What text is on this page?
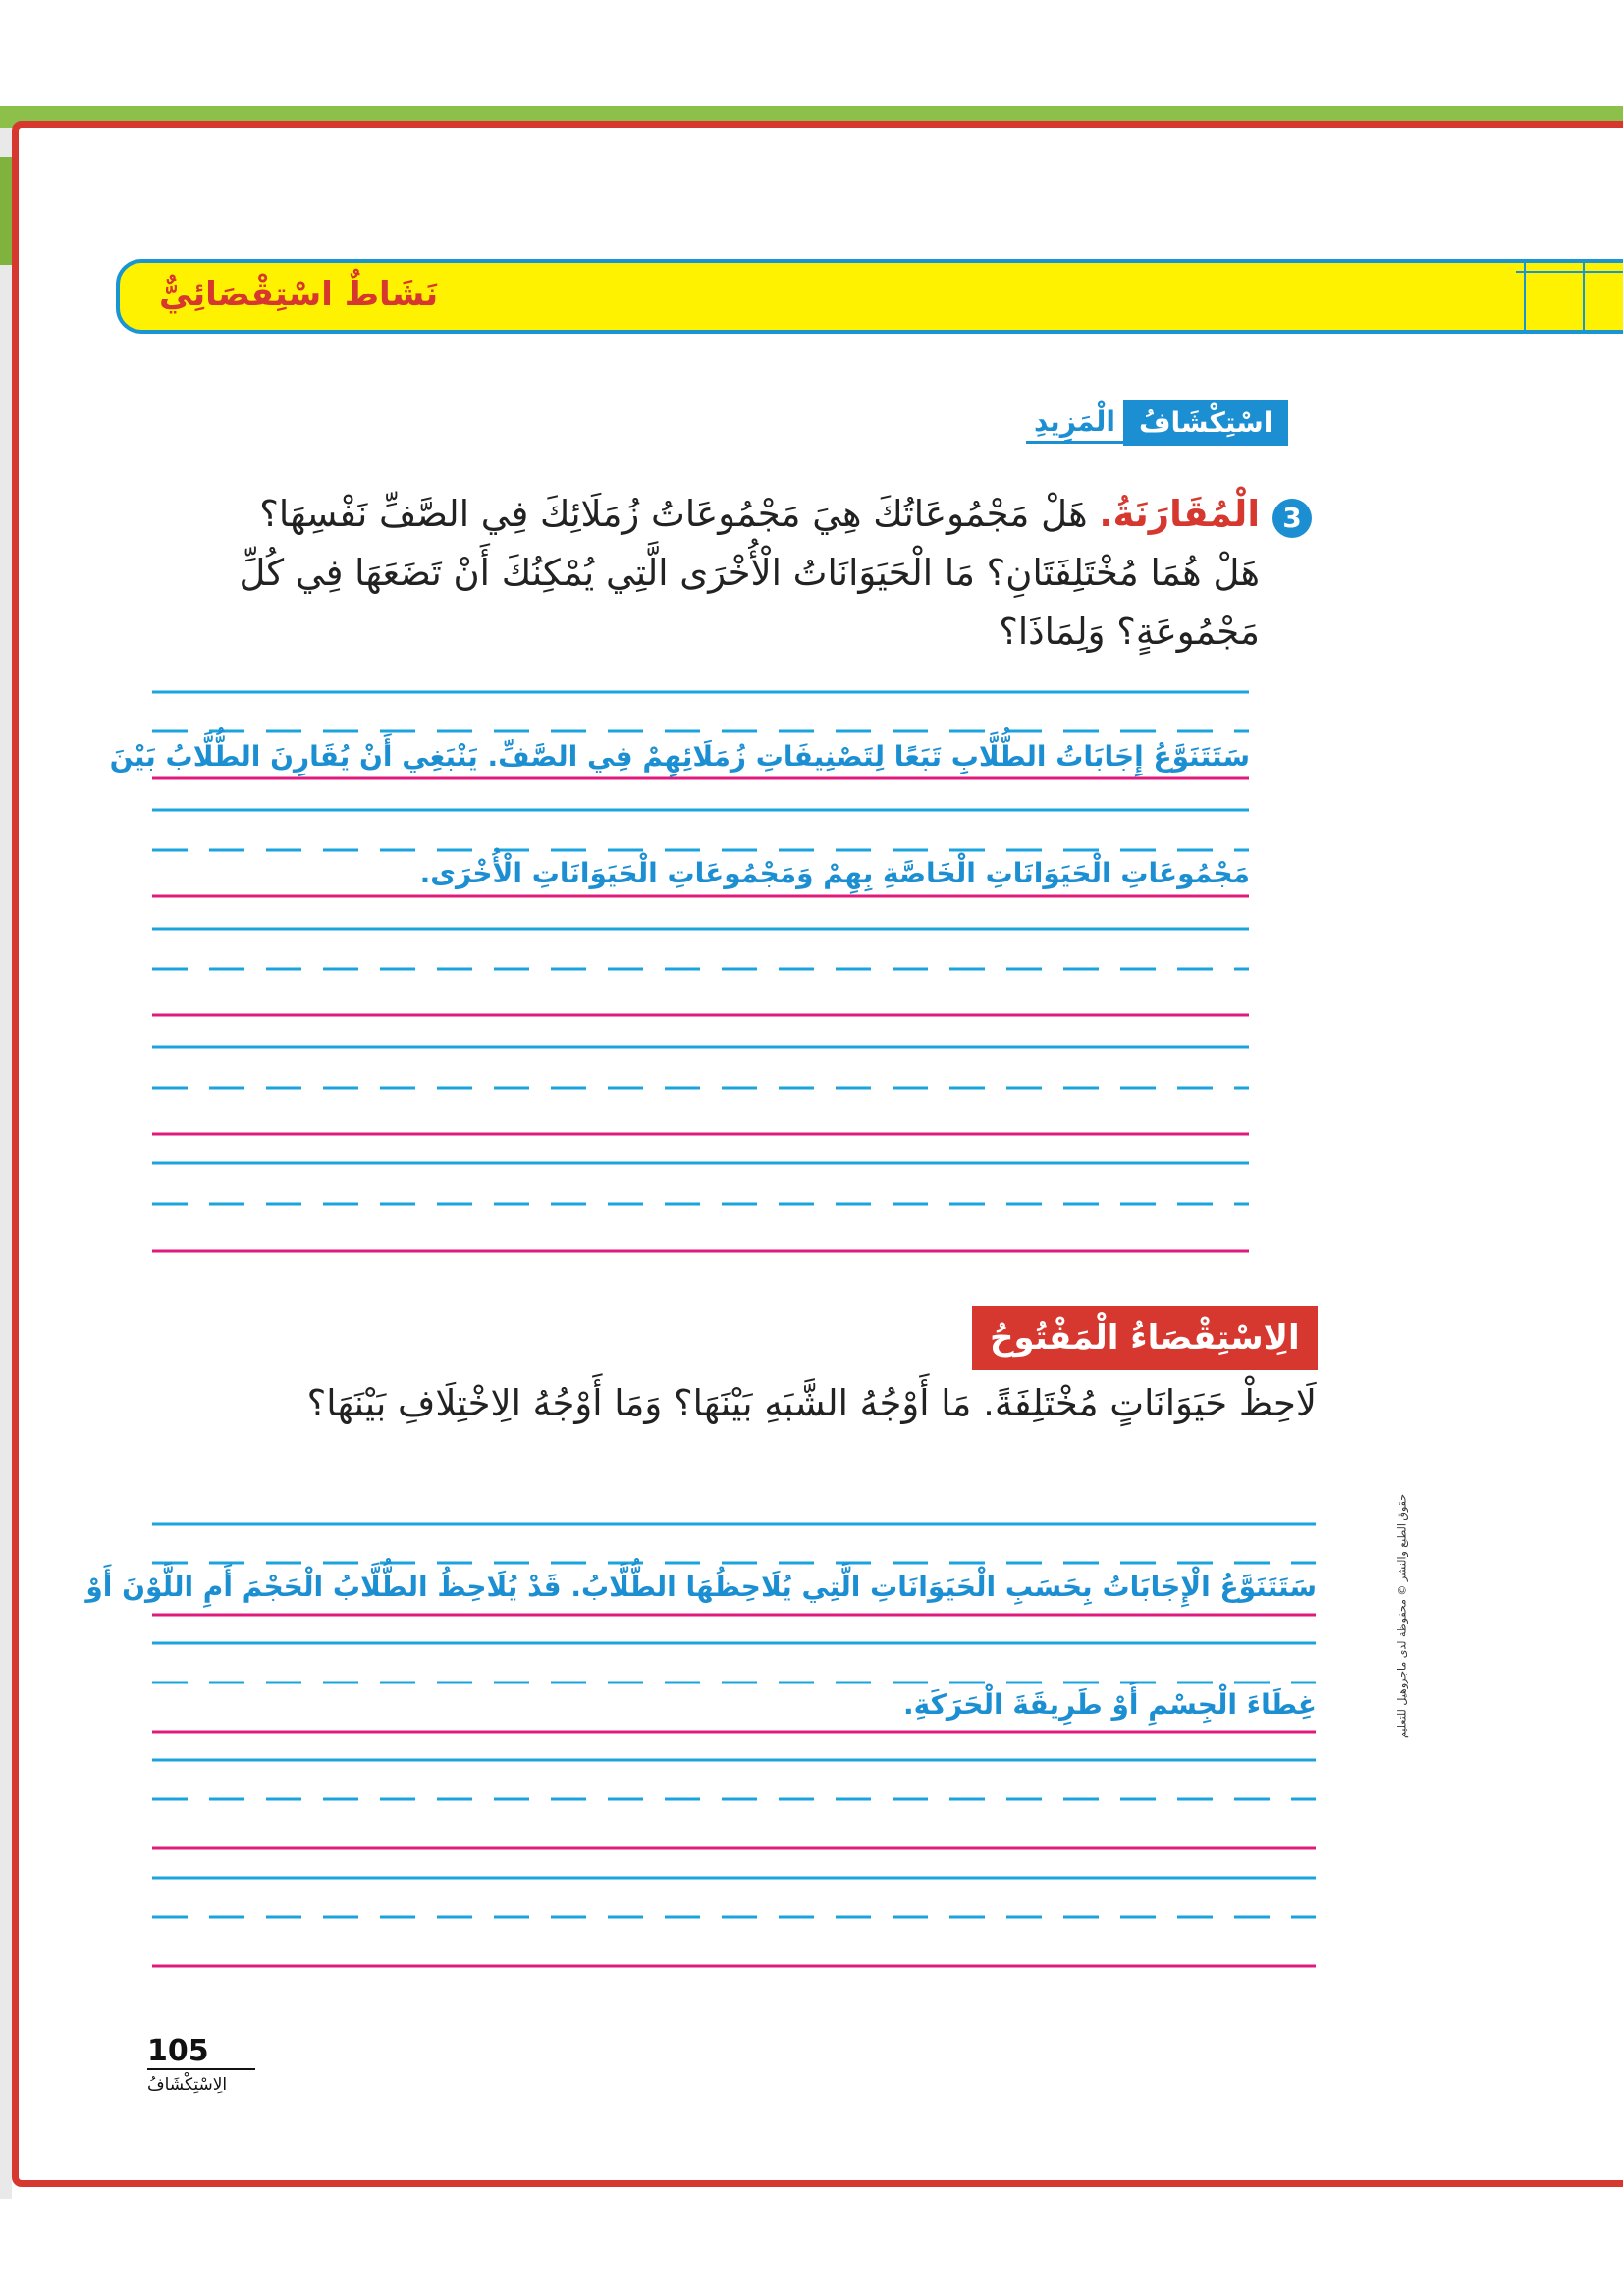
نَشَاطٌ اسْتِقْصَائِيٌّ
اسْتِكْشَافُ
الْمَزِيدِ
3
الْمُقَارَنَةُ. هَلْ مَجْمُوعَاتُكَ هِيَ مَجْمُوعَاتُ زُمَلَائِكَ فِي الصَّفِّ نَفْسِهَا؟ هَلْ هُمَا مُخْتَلِفَتَانِ؟ مَا الْحَيَوَانَاتُ الْأُخْرَى الَّتِي يُمْكِنُكَ أَنْ تَضَعَهَا فِي كُلِّ مَجْمُوعَةٍ؟ وَلِمَاذَا؟
سَتَتَنَوَّعُ إِجَابَاتُ الطُّلَّابِ تَبَعًا لِتَصْنِيفَاتِ زُمَلَائِهِمْ فِي الصَّفِّ. يَنْبَغِي أَنْ يُقَارِنَ الطُّلَّابُ بَيْنَ
مَجْمُوعَاتِ الْحَيَوَانَاتِ الْخَاصَّةِ بِهِمْ وَمَجْمُوعَاتِ الْحَيَوَانَاتِ الْأُخْرَى.
الِاسْتِقْصَاءُ الْمَفْتُوحُ
لَاحِظْ حَيَوَانَاتٍ مُخْتَلِفَةً. مَا أَوْجُهُ الشَّبَهِ بَيْنَهَا؟ وَمَا أَوْجُهُ الِاخْتِلَافِ بَيْنَهَا؟
سَتَتَنَوَّعُ الْإِجَابَاتُ بِحَسَبِ الْحَيَوَانَاتِ الَّتِي يُلَاحِظُهَا الطُّلَّابُ. قَدْ يُلَاحِظُ الطُّلَّابُ الْحَجْمَ أَمِ اللَّوْنَ أَوْ
غِطَاءَ الْجِسْمِ أَوْ طَرِيقَةَ الْحَرَكَةِ.	حقوق الطبع والنشر © محفوظة لدى ماجروهيل للتعليم
105
الِاسْتِكْشَافُ
